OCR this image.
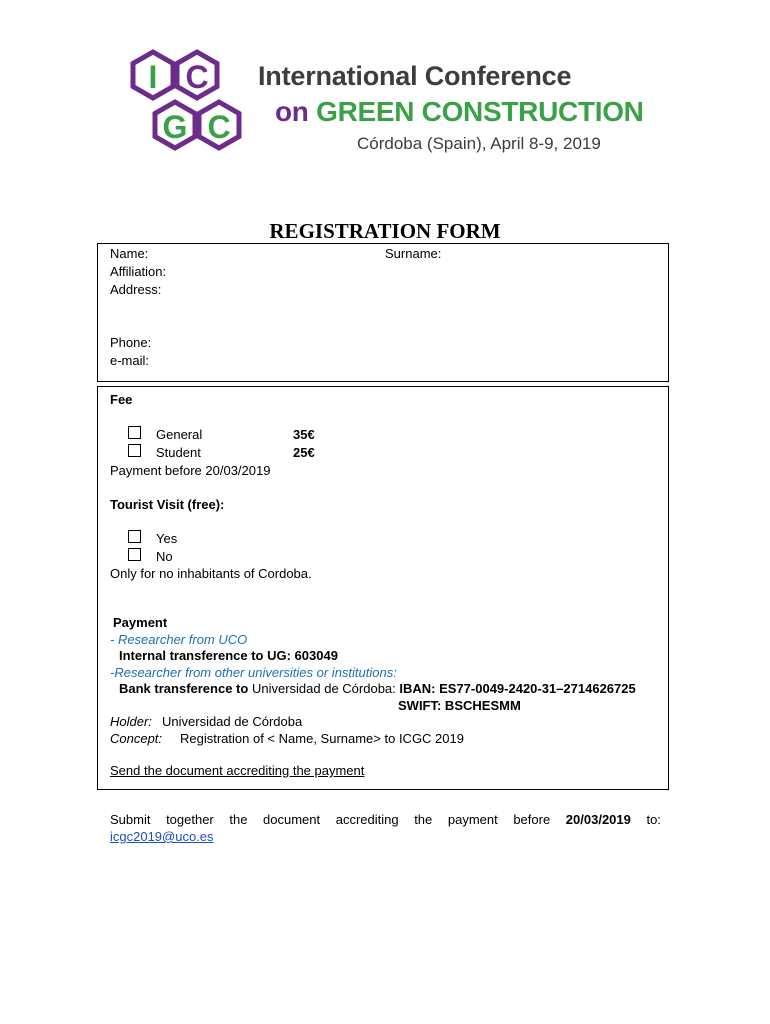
I C
G C
International Conference
on GREEN CONSTRUCTION
Córdoba (Spain), April 8-9, 2019
REGISTRATION FORM
Name:	Surname:
Affiliation:
Address:
Phone:
e-mail:
Fee
General	35€
Student	25€
Payment before 20/03/2019
Tourist Visit (free):
Yes
No
Only for no inhabitants of Cordoba.
Payment
- Researcher from UCO
Internal transference to UG: 603049
-Researcher from other universities or institutions:
Bank transference to Universidad de Córdoba: IBAN: ES77-0049-2420-31–2714626725
SWIFT: BSCHESMM
Holder: Universidad de Córdoba
Concept: Registration of < Name, Surname> to ICGC 2019
Send the document accrediting the payment
Submit together the document accrediting the payment before 20/03/2019 to:
icgc2019@uco.es
